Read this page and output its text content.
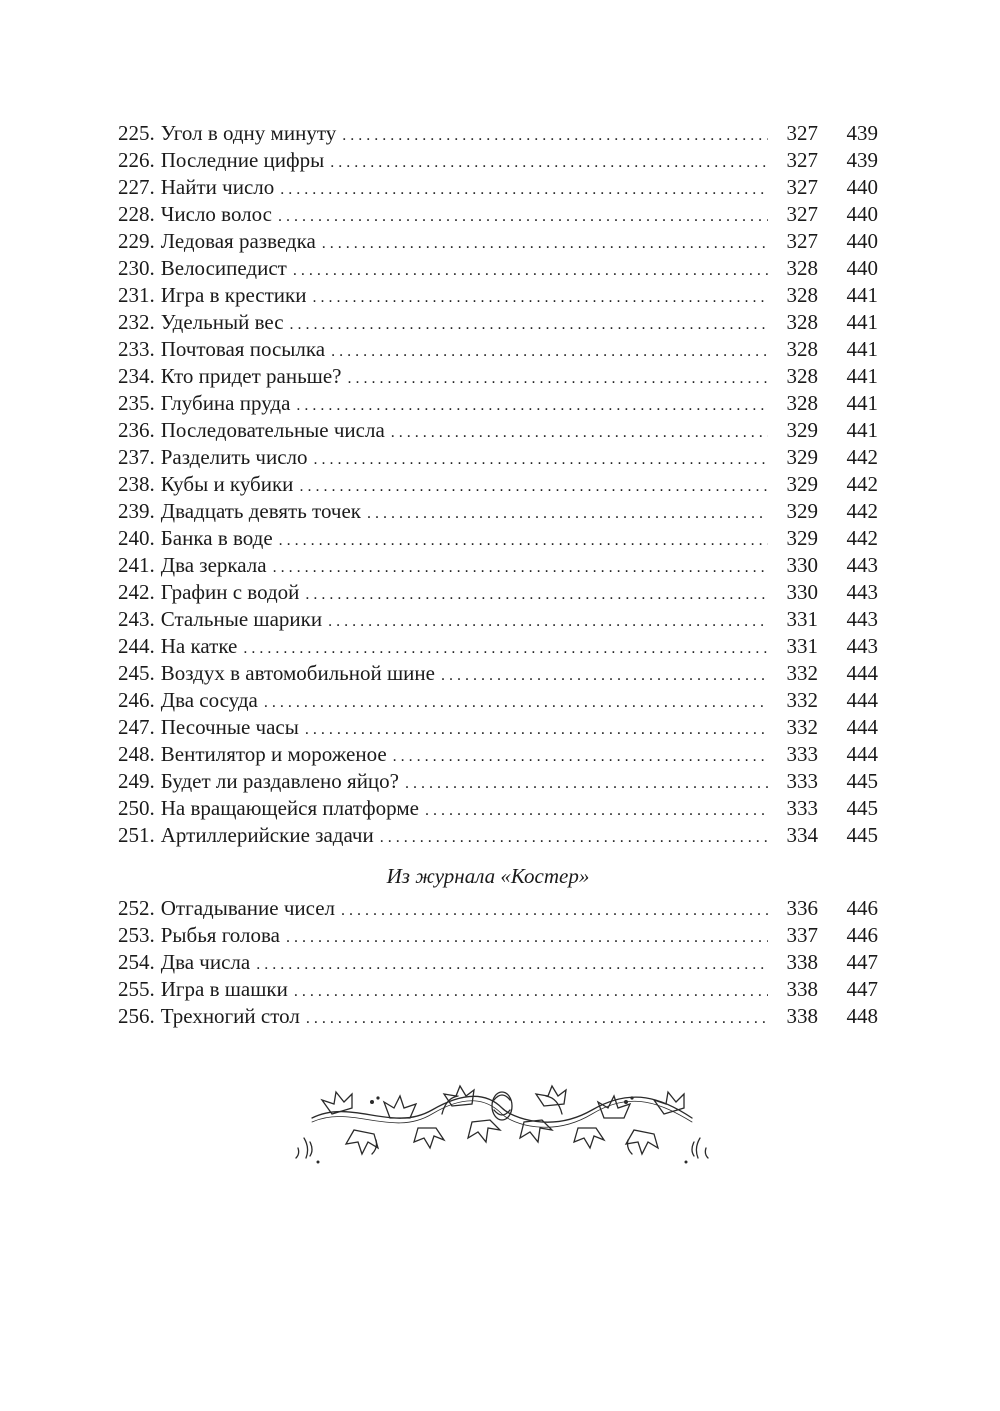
225. Угол в одну минуту . . .	327	439
226. Последние цифры . . .	327	439
227. Найти число . . .	327	440
228. Число волос . . .	327	440
229. Ледовая разведка . . .	327	440
230. Велосипедист . . .	328	440
231. Игра в крестики . . .	328	441
232. Удельный вес . . .	328	441
233. Почтовая посылка . . .	328	441
234. Кто придет раньше? . . .	328	441
235. Глубина пруда . . .	328	441
236. Последовательные числа . . .	329	441
237. Разделить число . . .	329	442
238. Кубы и кубики . . .	329	442
239. Двадцать девять точек . . .	329	442
240. Банка в воде . . .	329	442
241. Два зеркала . . .	330	443
242. Графин с водой . . .	330	443
243. Стальные шарики . . .	331	443
244. На катке . . .	331	443
245. Воздух в автомобильной шине . . .	332	444
246. Два сосуда . . .	332	444
247. Песочные часы . . .	332	444
248. Вентилятор и мороженое . . .	333	444
249. Будет ли раздавлено яйцо? . . .	333	445
250. На вращающейся платформе . . .	333	445
251. Артиллерийские задачи . . .	334	445
Из журнала «Костер»
252. Отгадывание чисел . . .	336	446
253. Рыбья голова . . .	337	446
254. Два числа . . .	338	447
255. Игра в шашки . . .	338	447
256. Трехногий стол . . .	338	448
